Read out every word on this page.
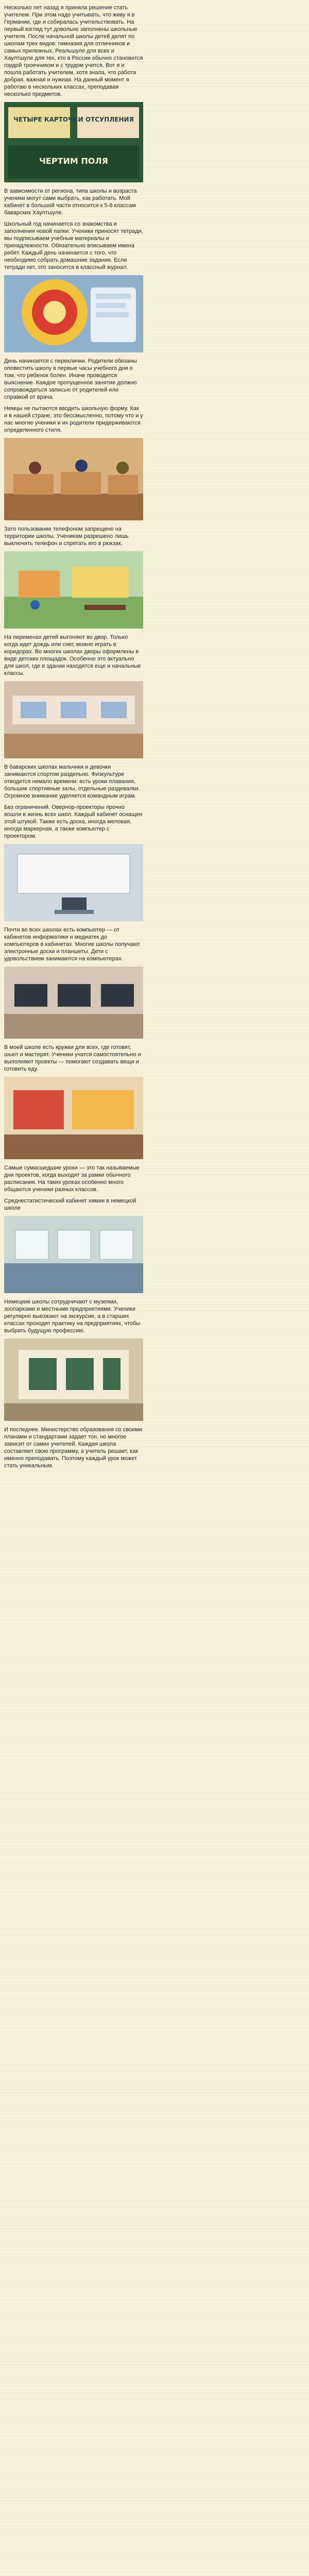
Несколько лет назад я приняла решение стать учителем. При этом надо учитывать, что живу я в Германии, где и собиралась учительствовать. На первый взгляд тут довольно заполнены школьные учителя. После начальной школы детей делят по школам трех видов: гимназия для отличников и самых прилежных, Реальшуле для всех и Хауптшуле для тех, кто в России обычно становится гордой троечником и с трудом учится. Вот я и пошла работать учителем, хотя знала, что работа добрая, важная и нужная. На данный момент я работаю в нескольких классах, преподавая несколько предметов.

ЧЕТЫРЕ КАРТОЧКИ ОТСУПЛЕНИЯ
ЧЕРТИМ ПОЛЯ

В зависимости от региона, типа школы и возраста ученики могут сами выбрать, как работать. Мой кабинет в большой части относится к 5-8 классам баварских Хауптшуле.

Школьный год начинается со знакомства и заполнения новой папки. Ученики приносят тетради, мы подписываем учебные материалы и принадлежности. Обязательно вписываем имена ребят. Каждый день начинается с того, что необходимо собрать домашние задания. Если тетради нет, это заносится в классный журнал.

День начинается с переклички. Родители обязаны оповестить школу в первые часы учебного дня о том, что ребенок болен. Иначе проводится выяснение. Каждое пропущенное занятие должно сопровождаться записью от родителей или справкой от врача.

Немцы не пытаются вводить школьную форму. Как и в нашей стране, это бессмысленно, потому что и у нас многие ученики и их родители придерживаются определенного стиля.

Зато пользование телефоном запрещено на территории школы. Ученикам разрешено лишь выключить телефон и спрятать его в рюкзак.

На переменах детей выгоняют во двор. Только когда идет дождь или снег, можно играть в коридорах. Во многих школах дворы оформлены в виде детских площадок. Особенно это актуально для школ, где в здании находятся еще и начальные классы.

В баварских школах мальчики и девочки занимаются спортом раздельно. Физкультуре отводится немало времени: есть уроки плавания, большие спортивные залы, отдельные раздевалки. Огромное внимание уделяется командным играм.

Без ограничений. Овернор-проекторы прочно вошли в жизнь всех школ. Каждый кабинет оснащен этой штукой. Также есть доска, иногда меловая, иногда маркерная, а также компьютер с проектором.

Почти во всех школах есть компьютер — от кабинетов информатики и медиатек до компьютеров в кабинетах. Многие школы получают электронные доски и планшеты. Дети с удовольствием занимаются на компьютерах.

В моей школе есть кружки для всех, где готовят, шьют и мастерят. Ученики учатся самостоятельно и выполняют проекты — помогают создавать вещи и готовить еду.

Самые сумасшедшие уроки — это так называемые дни проектов, когда выходят за рамки обычного расписания. На таких уроках особенно много общаются ученики разных классов.

Среднестатистический кабинет химии в немецкой школе

Немецкие школы сотрудничают с музеями, зоопарками и местными предприятиями. Ученики регулярно выезжают на экскурсии, а в старших классах проходят практику на предприятиях, чтобы выбрать будущую профессию.

И последнее. Министерство образования со своими планами и стандартами задает тон, но многое зависит от самих учителей. Каждая школа составляет свою программу, а учитель решает, как именно преподавать. Поэтому каждый урок может стать уникальным.
